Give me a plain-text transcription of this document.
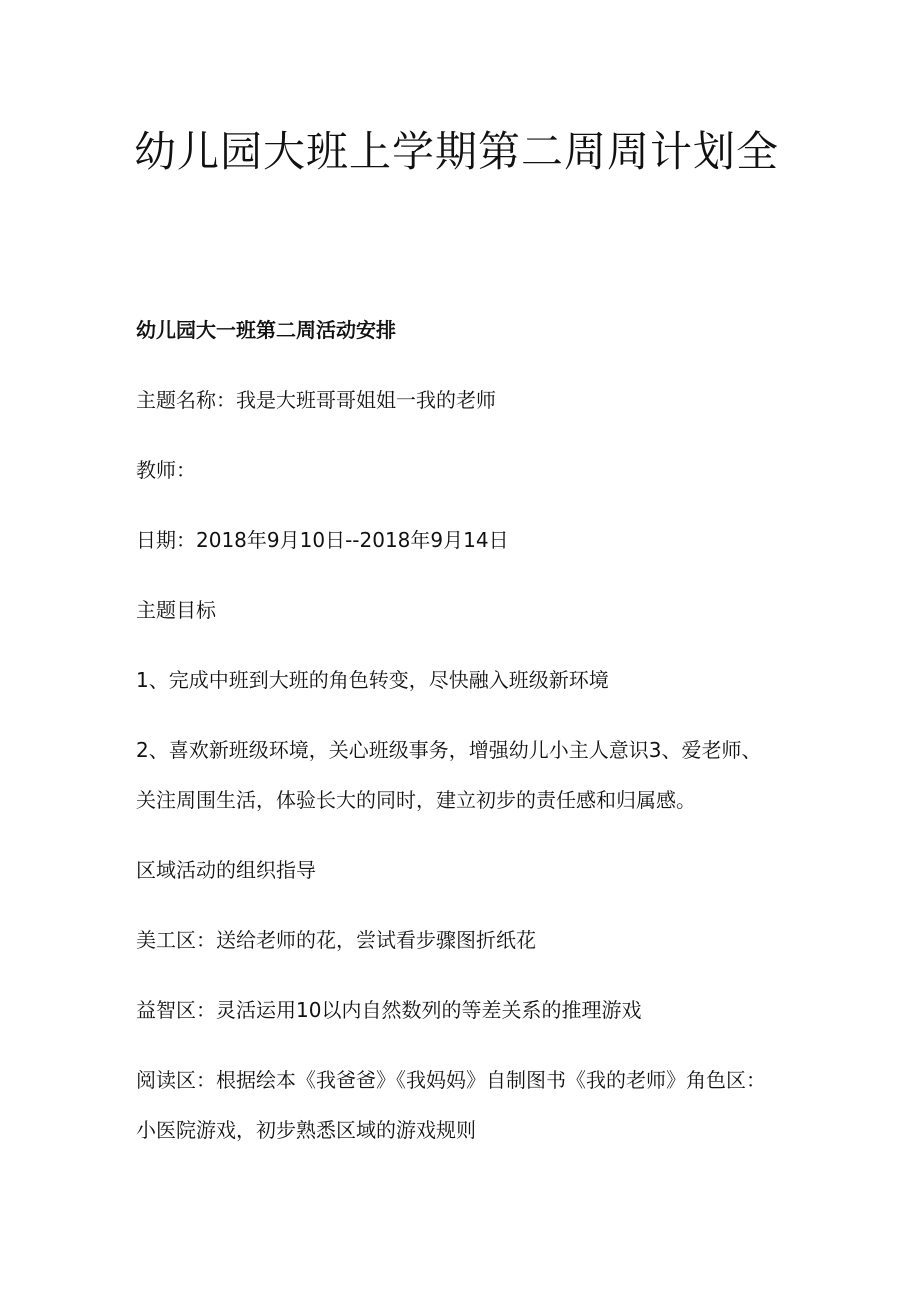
幼儿园大班上学期第二周周计划全

幼儿园大一班第二周活动安排

主题名称：我是大班哥哥姐姐一我的老师

教师：

日期：2018年9月10日--2018年9月14日

主题目标

1、完成中班到大班的角色转变，尽快融入班级新环境

2、喜欢新班级环境，关心班级事务，增强幼儿小主人意识3、爱老师、

关注周围生活，体验长大的同时，建立初步的责任感和归属感。

区域活动的组织指导

美工区：送给老师的花，尝试看步骤图折纸花

益智区：灵活运用10以内自然数列的等差关系的推理游戏

阅读区：根据绘本《我爸爸》《我妈妈》自制图书《我的老师》角色区：

小医院游戏，初步熟悉区域的游戏规则
